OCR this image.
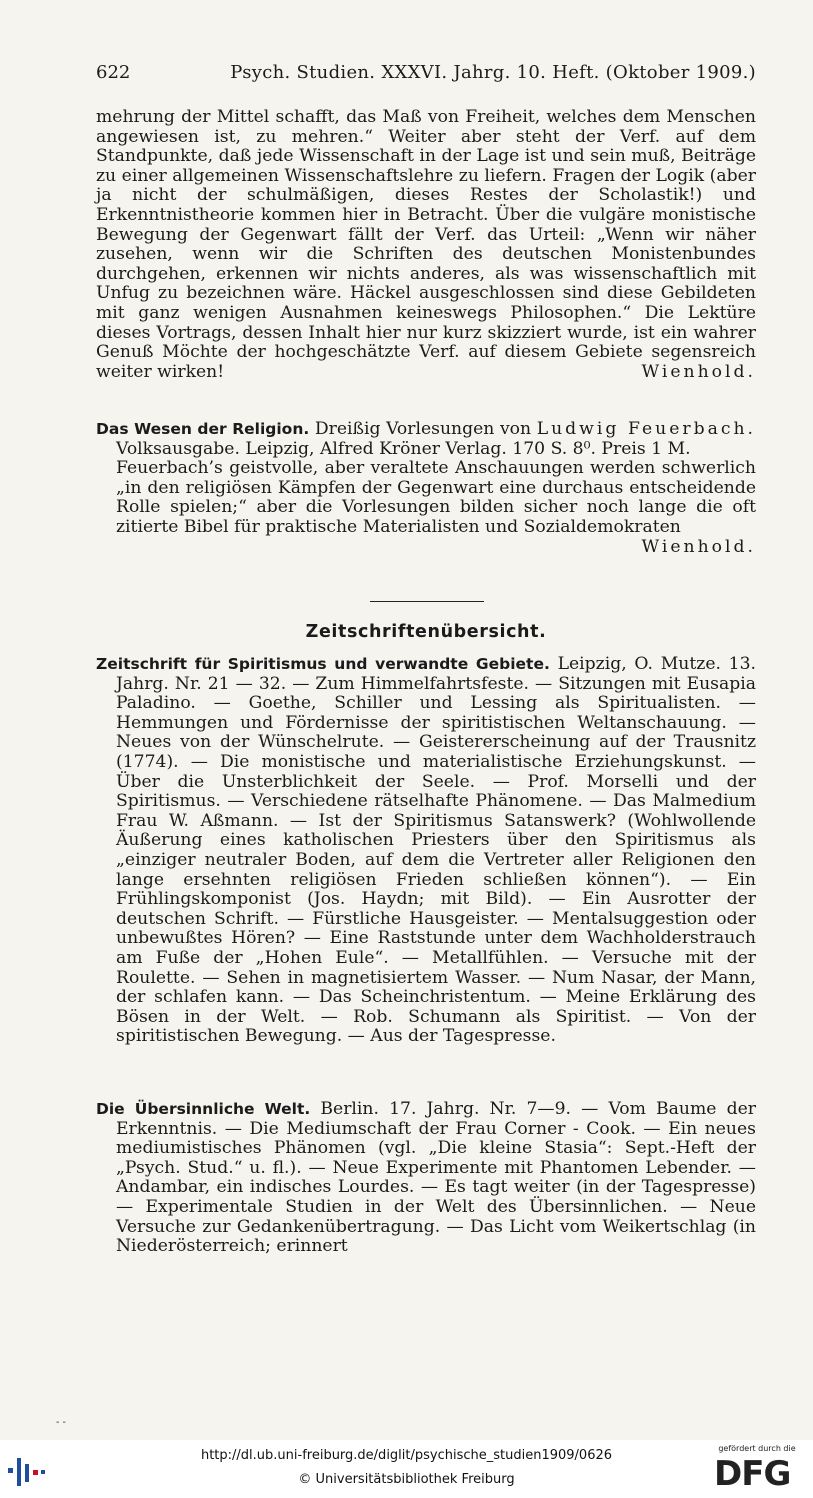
622	Psych. Studien. XXXVI. Jahrg. 10. Heft. (Oktober 1909.)

mehrung der Mittel schafft, das Maß von Freiheit, welches dem Menschen angewiesen ist, zu mehren.“ Weiter aber steht der Verf. auf dem Standpunkte, daß jede Wissenschaft in der Lage ist und sein muß, Beiträge zu einer allgemeinen Wissenschaftslehre zu liefern. Fragen der Logik (aber ja nicht der schulmäßigen, dieses Restes der Scholastik!) und Erkenntnistheorie kommen hier in Betracht. Über die vulgäre monistische Bewegung der Gegenwart fällt der Verf. das Urteil: „Wenn wir näher zusehen, wenn wir die Schriften des deutschen Monistenbundes durchgehen, erkennen wir nichts anderes, als was wissenschaftlich mit Unfug zu bezeichnen wäre. Häckel ausgeschlossen sind diese Gebildeten mit ganz wenigen Ausnahmen keineswegs Philosophen.“ Die Lektüre dieses Vortrags, dessen Inhalt hier nur kurz skizziert wurde, ist ein wahrer Genuß Möchte der hochgeschätzte Verf. auf diesem Gebiete segensreich weiter wirken!	Wienhold.

Das Wesen der Religion. Dreißig Vorlesungen von Ludwig Feuerbach. Volksausgabe. Leipzig, Alfred Kröner Verlag. 170 S. 8⁰. Preis 1 M.

Feuerbach’s geistvolle, aber veraltete Anschauungen werden schwerlich „in den religiösen Kämpfen der Gegenwart eine durchaus entscheidende Rolle spielen;“ aber die Vorlesungen bilden sicher noch lange die oft zitierte Bibel für praktische Materialisten und Sozialdemokraten
Wienhold.

Zeitschriftenübersicht.

Zeitschrift für Spiritismus und verwandte Gebiete. Leipzig, O. Mutze. 13. Jahrg. Nr. 21 — 32. — Zum Himmelfahrtsfeste. — Sitzungen mit Eusapia Paladino. — Goethe, Schiller und Lessing als Spiritualisten. — Hemmungen und Fördernisse der spiritistischen Weltanschauung. — Neues von der Wünschelrute. — Geistererscheinung auf der Trausnitz (1774). — Die monistische und materialistische Erziehungskunst. — Über die Unsterblichkeit der Seele. — Prof. Morselli und der Spiritismus. — Verschiedene rätselhafte Phänomene. — Das Malmedium Frau W. Aßmann. — Ist der Spiritismus Satanswerk? (Wohlwollende Äußerung eines katholischen Priesters über den Spiritismus als „einziger neutraler Boden, auf dem die Vertreter aller Religionen den lange ersehnten religiösen Frieden schließen können“). — Ein Frühlingskomponist (Jos. Haydn; mit Bild). — Ein Ausrotter der deutschen Schrift. — Fürstliche Hausgeister. — Mentalsuggestion oder unbewußtes Hören? — Eine Raststunde unter dem Wachholderstrauch am Fuße der „Hohen Eule“. — Metallfühlen. — Versuche mit der Roulette. — Sehen in magnetisiertem Wasser. — Num Nasar, der Mann, der schlafen kann. — Das Scheinchristentum. — Meine Erklärung des Bösen in der Welt. — Rob. Schumann als Spiritist. — Von der spiritistischen Bewegung. — Aus der Tagespresse.

Die Übersinnliche Welt. Berlin. 17. Jahrg. Nr. 7—9. — Vom Baume der Erkenntnis. — Die Mediumschaft der Frau Corner - Cook. — Ein neues mediumistisches Phänomen (vgl. „Die kleine Stasia“: Sept.-Heft der „Psych. Stud.“ u. fl.). — Neue Experimente mit Phantomen Lebender. — Andambar, ein indisches Lourdes. — Es tagt weiter (in der Tagespresse) — Experimentale Studien in der Welt des Übersinnlichen. — Neue Versuche zur Gedankenübertragung. — Das Licht vom Weikertschlag (in Niederösterreich; erinnert

- -
http://dl.ub.uni-freiburg.de/diglit/psychische_studien1909/0626
© Universitätsbibliothek Freiburg
gefördert durch die
DFG
